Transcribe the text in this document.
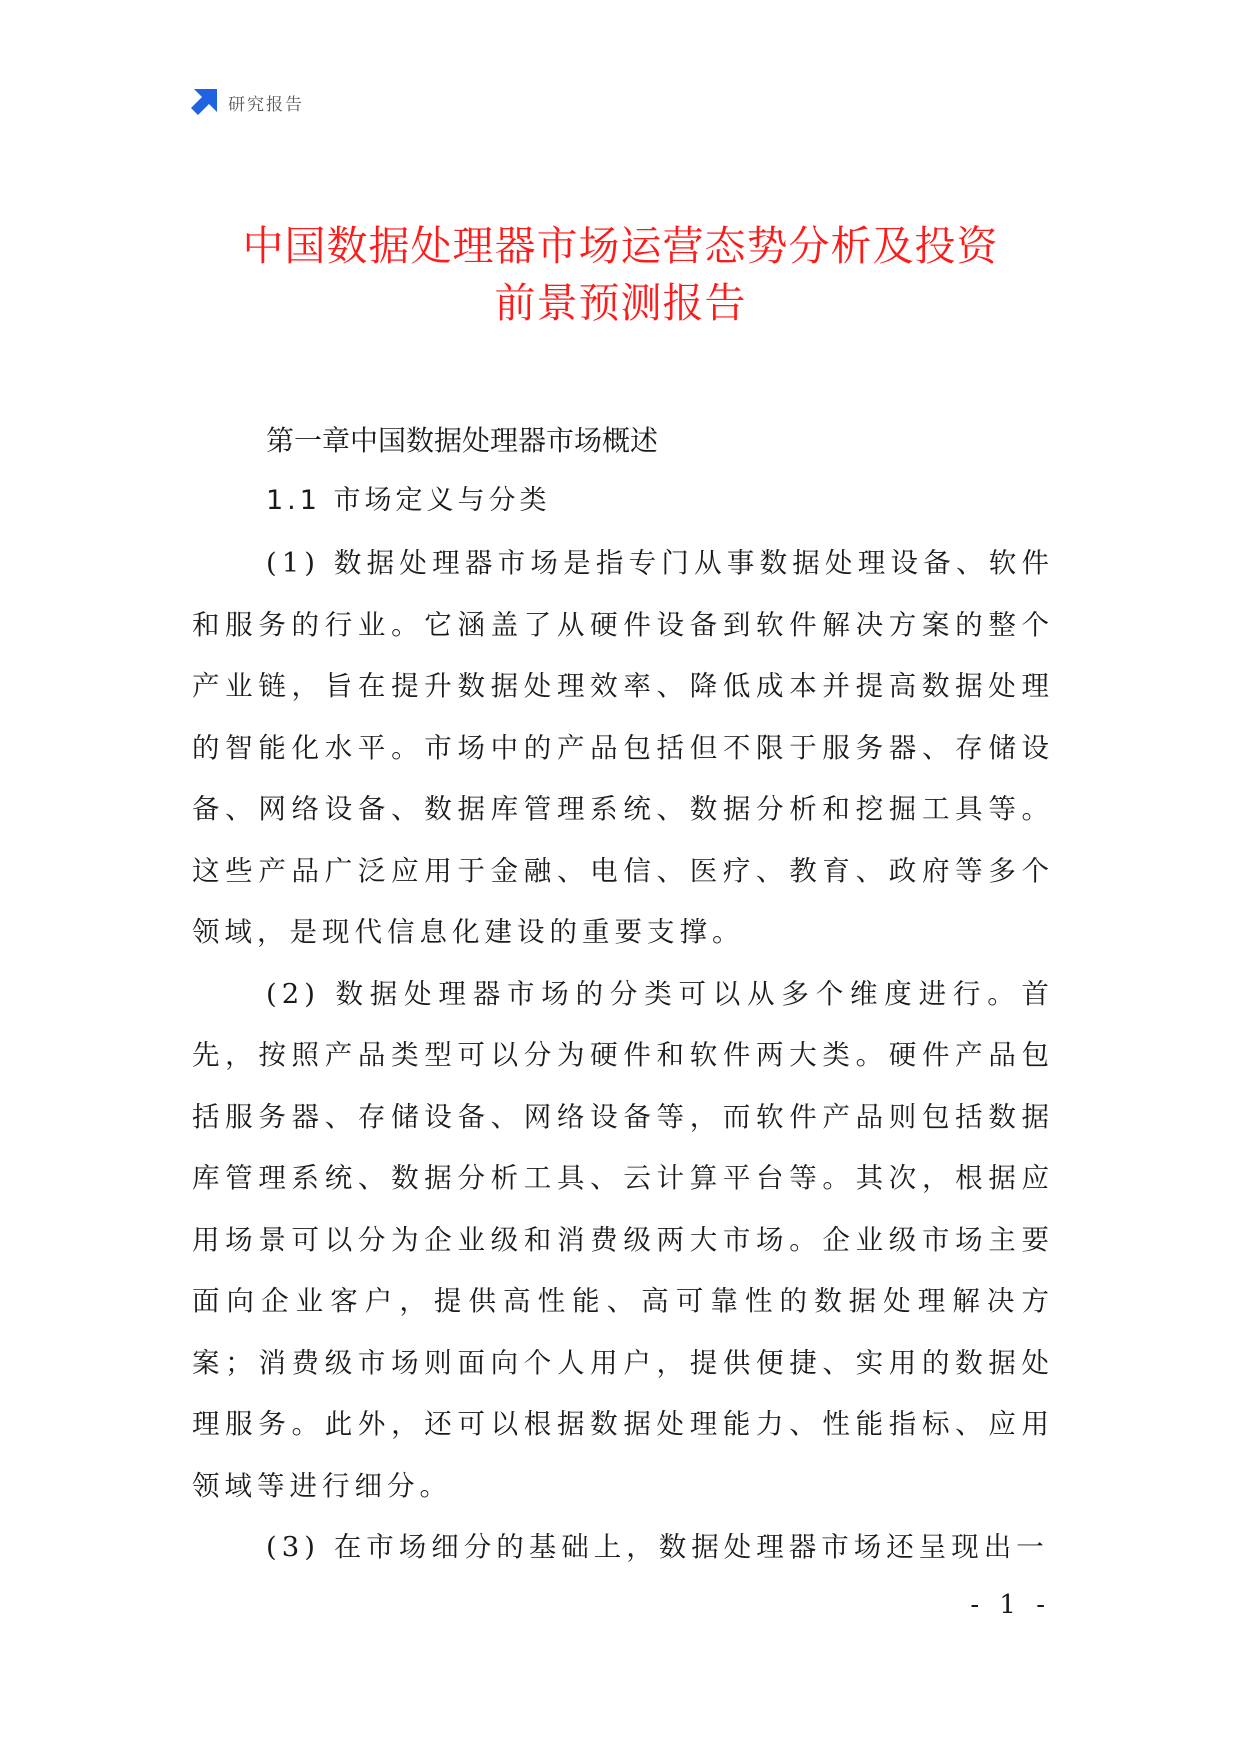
研究报告
中国数据处理器市场运营态势分析及投资
前景预测报告
第一章中国数据处理器市场概述
1.1 市场定义与分类

(1) 数据处理器市场是指专门从事数据处理设备、软件和服务的行业。它涵盖了从硬件设备到软件解决方案的整个产业链，旨在提升数据处理效率、降低成本并提高数据处理的智能化水平。市场中的产品包括但不限于服务器、存储设备、网络设备、数据库管理系统、数据分析和挖掘工具等。这些产品广泛应用于金融、电信、医疗、教育、政府等多个领域，是现代信息化建设的重要支撑。

(2) 数据处理器市场的分类可以从多个维度进行。首先，按照产品类型可以分为硬件和软件两大类。硬件产品包括服务器、存储设备、网络设备等，而软件产品则包括数据库管理系统、数据分析工具、云计算平台等。其次，根据应用场景可以分为企业级和消费级两大市场。企业级市场主要面向企业客户，提供高性能、高可靠性的数据处理解决方案；消费级市场则面向个人用户，提供便捷、实用的数据处理服务。此外，还可以根据数据处理能力、性能指标、应用领域等进行细分。

(3) 在市场细分的基础上，数据处理器市场还呈现出一

- 1 -
